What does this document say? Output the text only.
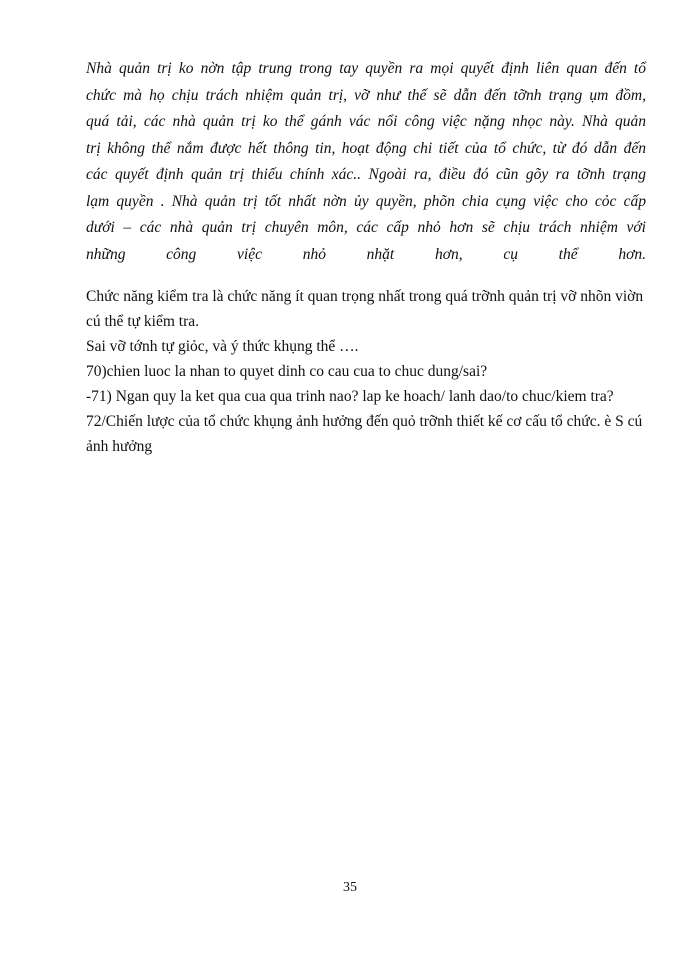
Nhà quản trị ko nờn tập trung trong tay quyền ra mọi quyết định liên quan đến tổ
chức mà họ chịu trách nhiệm quản trị, vỡ như thế sẽ dẫn đến tỡnh trạng ụm đồm,
quá tải, các nhà quản trị ko thể gánh vác nổi công việc nặng nhọc này. Nhà quản
trị không thể nắm được hết thông tin, hoạt động chi tiết của tổ chức, từ đó dẫn đến
các quyết định quản trị thiếu chính xác.. Ngoài ra, điều đó cũn gõy ra tỡnh trạng
lạm quyền . Nhà quản trị tốt nhất nờn ủy quyền, phõn chia cụng việc cho cỏc cấp
dưới – các nhà quản trị chuyên môn, các cấp nhỏ hơn sẽ chịu trách nhiệm với
những công việc nhỏ nhặt hơn, cụ thể hơn.

Chức năng kiểm tra là chức năng ít quan trọng nhất trong quá trỡnh quản trị vỡ nhõn viờn cú thể tự kiểm tra.

Sai vỡ tớnh tự giỏc, và ý thức khụng thể ….

70)chien luoc la nhan to quyet dinh co cau cua to chuc dung/sai?

-71) Ngan quy la ket qua cua qua trinh nao? lap ke hoach/ lanh dao/to chuc/kiem tra?

72/Chiến lược của tổ chức khụng ảnh hưởng đến quỏ trỡnh thiết kế cơ cấu tổ chức. è S cú ảnh hưởng

35
